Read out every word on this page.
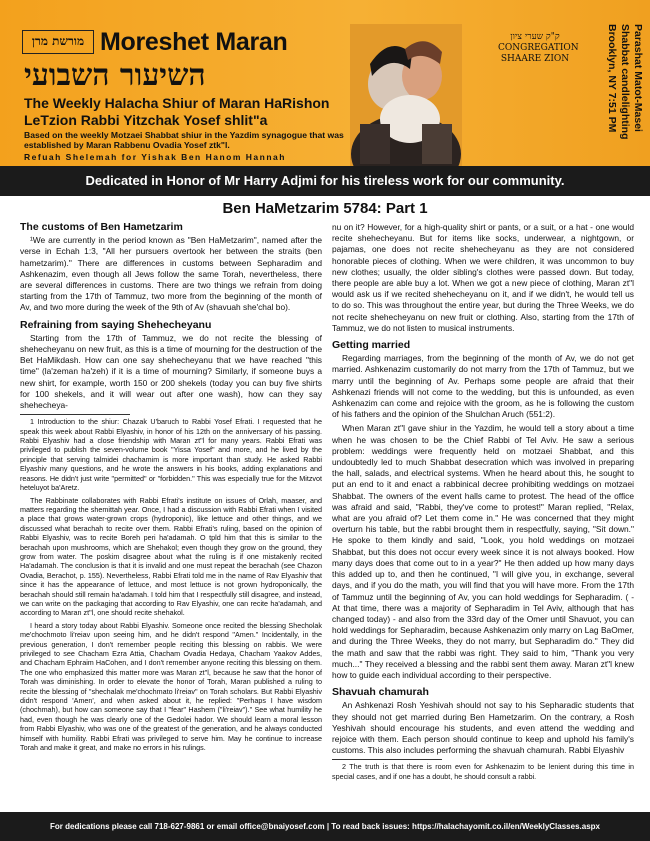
מורשת מרן Moreshet Maran
השיעור השבועי
The Weekly Halacha Shiur of Maran HaRishon
LeTzion Rabbi Yitzchak Yosef shlit"a
Based on the weekly Motzaei Shabbat shiur in the Yazdim synagogue that was established by Maran Rabbenu Ovadia Yosef ztk"l.
Refuah Shelemah for Yishak Ben Hanom Hannah
ק"ק שערי ציון
CONGREGATION
SHAARE ZION	Parashat Matot-Masei
Shabbat candlelighting
Brooklyn, NY 7:51 PM
Dedicated in Honor of Mr Harry Adjmi for his tireless work for our community.
Ben HaMetzarim 5784: Part 1
The customs of Ben Hametzarim

¹We are currently in the period known as "Ben HaMetzarim", named after the verse in Echah 1:3, "All her pursuers overtook her between the straits (ben hametzarim)." There are differences in customs between Sepharadim and Ashkenazim, even though all Jews follow the same Torah, nevertheless, there are several differences in customs. There are two things we refrain from doing starting from the 17th of Tammuz, two more from the beginning of the month of Av, and two more during the week of the 9th of Av (shavuah she'chal bo).

Refraining from saying Shehecheyanu

Starting from the 17th of Tammuz, we do not recite the blessing of shehecheyanu on new fruit, as this is a time of mourning for the destruction of the Bet HaMikdash. How can one say shehecheyanu that we have reached "this time" (la'zeman ha'zeh) if it is a time of mourning? Similarly, if someone buys a new shirt, for example, worth 150 or 200 shekels (today you can buy five shirts for 100 shekels, and it will wear out after one wash), how can they say shehecheya-

1 Introduction to the shiur: Chazak U'baruch to Rabbi Yosef Efrati. I requested that he speak this week about Rabbi Elyashiv, in honor of his 12th on the anniversary of his passing. Rabbi Elyashiv had a close friendship with Maran zt"l for many years. Rabbi Efrati was privileged to publish the seven-volume book "Yissa Yosef" and more, and he lived by the principle that serving talmidei chachamim is more important than study. He asked Rabbi Elyashiv many questions, and he wrote the answers in his books, adding explanations and reasons. He didn't just write "permitted" or "forbidden." This was especially true for the Mitzvot heteluyot ba'Aretz.

The Rabbinate collaborates with Rabbi Efrati's institute on issues of Orlah, maaser, and matters regarding the shemittah year. Once, I had a discussion with Rabbi Efrati when I visited a place that grows water-grown crops (hydroponic), like lettuce and other things, and we discussed what berachah to recite over them. Rabbi Efrati's ruling, based on the opinion of Rabbi Elyashiv, was to recite Boreh peri ha'adamah. O tpld him that this is similar to the berachah upon mushrooms, which are Shehakol; even though they grow on the ground, they grow from water. The poskim disagree about what the ruling is if one mistakenly recited Ha'adamah. The conclusion is that it is invalid and one must repeat the berachah (see Chazon Ovadia, Berachot, p. 155). Nevertheless, Rabbi Efrati told me in the name of Rav Elyashiv that since it has the appearance of lettuce, and most lettuce is not grown hydroponically, the berachah should still remain ha'adamah. I told him that I respectfully still disagree, and instead, we can write on the packaging that according to Rav Elyashiv, one can recite ha'adamah, and according to Maran zt"l, one should recite shehakol.

I heard a story today about Rabbi Elyashiv. Someone once recited the blessing Shecholak me'chochmoto li'reiav upon seeing him, and he didn't respond "Amen." Incidentally, in the previous generation, I don't remember people reciting this blessing on rabbis. We were privileged to see Chacham Ezra Attia, Chacham Ovadia Hedaya, Chacham Yaakov Addes, and Chacham Ephraim HaCohen, and I don't remember anyone reciting this blessing on them. The one who emphasized this matter more was Maran zt"l, because he saw that the honor of Torah was diminishing. In order to elevate the honor of Torah, Maran published a ruling to recite the blessing of "shechalak me'chochmato li'reiav" on Torah scholars. But Rabbi Elyashiv didn't respond 'Amen', and when asked about it, he replied: "Perhaps I have wisdom (chochmah), but how can someone say that I "fear" Hashem ("li'reiav")." See what humility he had, even though he was clearly one of the Gedolei hador. We should learn a moral lesson from Rabbi Elyashiv, who was one of the greatest of the generation, and he always conducted himself with humility. Rabbi Efrati was privileged to serve him. May he continue to increase Torah and make it great, and make no errors in his rulings.

nu on it? However, for a high-quality shirt or pants, or a suit, or a hat - one would recite shehecheyanu. But for items like socks, underwear, a nightgown, or pajamas, one does not recite shehecheyanu as they are not considered honorable pieces of clothing. When we were children, it was uncommon to buy new clothes; usually, the older sibling's clothes were passed down. But today, there people are able buy a lot. When we got a new piece of clothing, Maran zt"l would ask us if we recited shehecheyanu on it, and if we didn't, he would tell us to do so. This was throughout the entire year, but during the Three Weeks, we do not recite shehecheyanu on new fruit or clothing. Also, starting from the 17th of Tammuz, we do not listen to musical instruments.

Getting married

Regarding marriages, from the beginning of the month of Av, we do not get married. Ashkenazim customarily do not marry from the 17th of Tammuz, but we marry until the beginning of Av. Perhaps some people are afraid that their Ashkenazi friends will not come to the wedding, but this is unfounded, as even Ashkenazim can come and rejoice with the groom, as he is following the custom of his fathers and the opinion of the Shulchan Aruch (551:2).

When Maran zt"l gave shiur in the Yazdim, he would tell a story about a time when he was chosen to be the Chief Rabbi of Tel Aviv. He saw a serious problem: weddings were frequently held on motzaei Shabbat, and this undoubtedly led to much Shabbat desecration which was involved in preparing the hall, salads, and electrical systems. When he heard about this, he sought to put an end to it and enact a rabbinical decree prohibiting weddings on motzaei Shabbat. The owners of the event halls came to protest. The head of the office was afraid and said, "Rabbi, they've come to protest!" Maran replied, "Relax, what are you afraid of? Let them come in." He was concerned that they might overturn his table, but the rabbi brought them in respectfully, saying, "Sit down." He spoke to them kindly and said, "Look, you hold weddings on motzaei Shabbat, but this does not occur every week since it is not always booked. How many days does that come out to in a year?" He then added up how many days this added up to, and then he continued, "I will give you, in exchange, several days, and if you do the math, you will find that you will have more. From the 17th of Tammuz until the beginning of Av, you can hold weddings for Sepharadim. ( - At that time, there was a majority of Sepharadim in Tel Aviv, although that has changed today) - and also from the 33rd day of the Omer until Shavuot, you can hold weddings for Sepharadim, because Ashkenazim only marry on Lag BaOmer, and during the Three Weeks, they do not marry, but Sepharadim do." They did the math and saw that the rabbi was right. They said to him, "Thank you very much..." They received a blessing and the rabbi sent them away. Maran zt"l knew how to guide each individual according to their perspective.

Shavuah chamurah

An Ashkenazi Rosh Yeshivah should not say to his Sepharadic students that they should not get married during Ben Hametzarim. On the contrary, a Rosh Yeshivah should encourage his students, and even attend the wedding and rejoice with them. Each person should continue to keep and uphold his family's customs. This also includes performing the shavuah chamurah. Rabbi Elyashiv

2 The truth is that there is room even for Ashkenazim to be lenient during this time in special cases, and if one has a doubt, he should consult a rabbi.

For dedications please call 718-627-9861 or email office@bnaiyosef.com | To read back issues: https://halachayomit.co.il/en/WeeklyClasses.aspx
